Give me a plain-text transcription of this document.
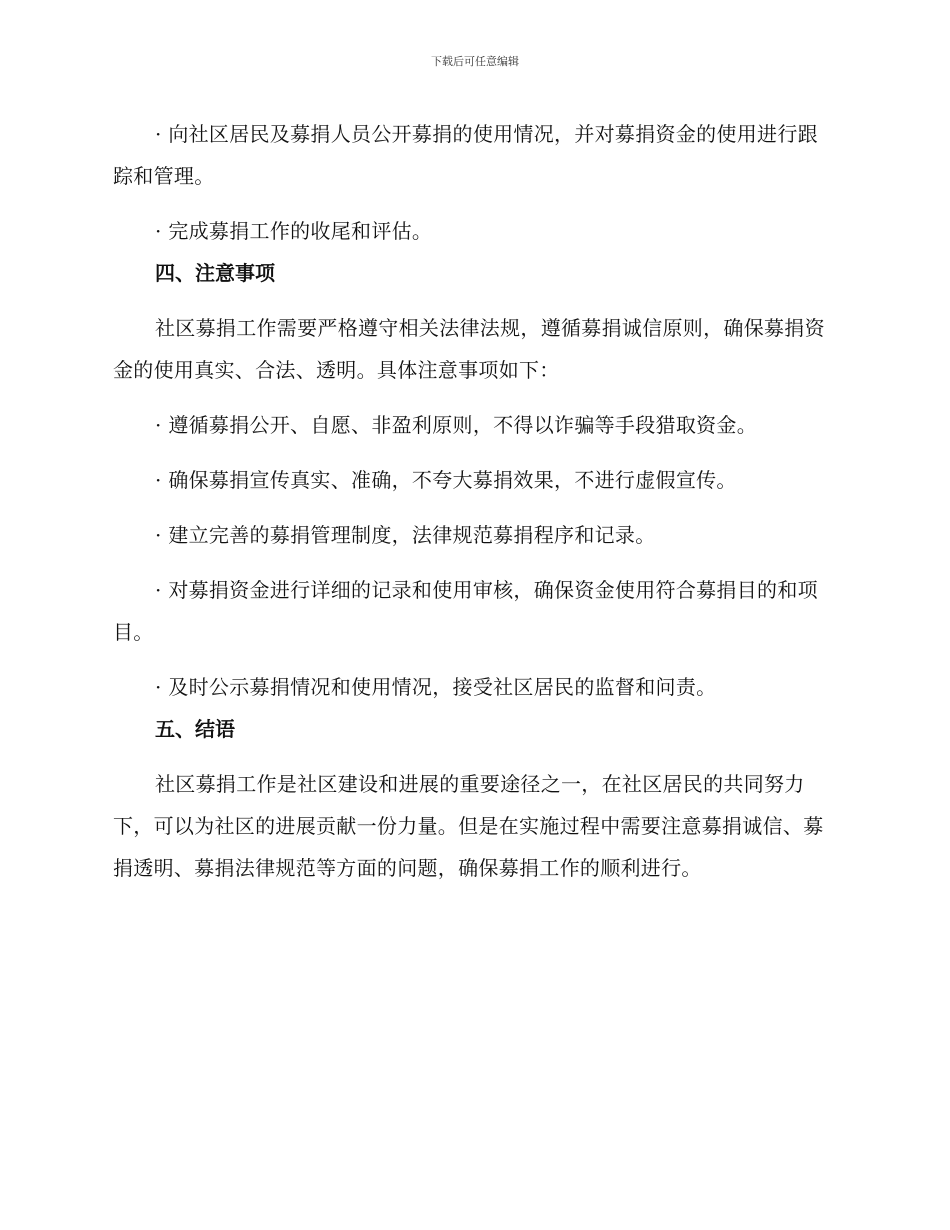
下载后可任意编辑

· 向社区居民及募捐人员公开募捐的使用情况，并对募捐资金的使用进行跟踪和管理。

· 完成募捐工作的收尾和评估。

四、注意事项

社区募捐工作需要严格遵守相关法律法规，遵循募捐诚信原则，确保募捐资金的使用真实、合法、透明。具体注意事项如下：

· 遵循募捐公开、自愿、非盈利原则，不得以诈骗等手段猎取资金。

· 确保募捐宣传真实、准确，不夸大募捐效果，不进行虚假宣传。

· 建立完善的募捐管理制度，法律规范募捐程序和记录。

· 对募捐资金进行详细的记录和使用审核，确保资金使用符合募捐目的和项目。

· 及时公示募捐情况和使用情况，接受社区居民的监督和问责。

五、结语

社区募捐工作是社区建设和进展的重要途径之一，在社区居民的共同努力下，可以为社区的进展贡献一份力量。但是在实施过程中需要注意募捐诚信、募捐透明、募捐法律规范等方面的问题，确保募捐工作的顺利进行。
